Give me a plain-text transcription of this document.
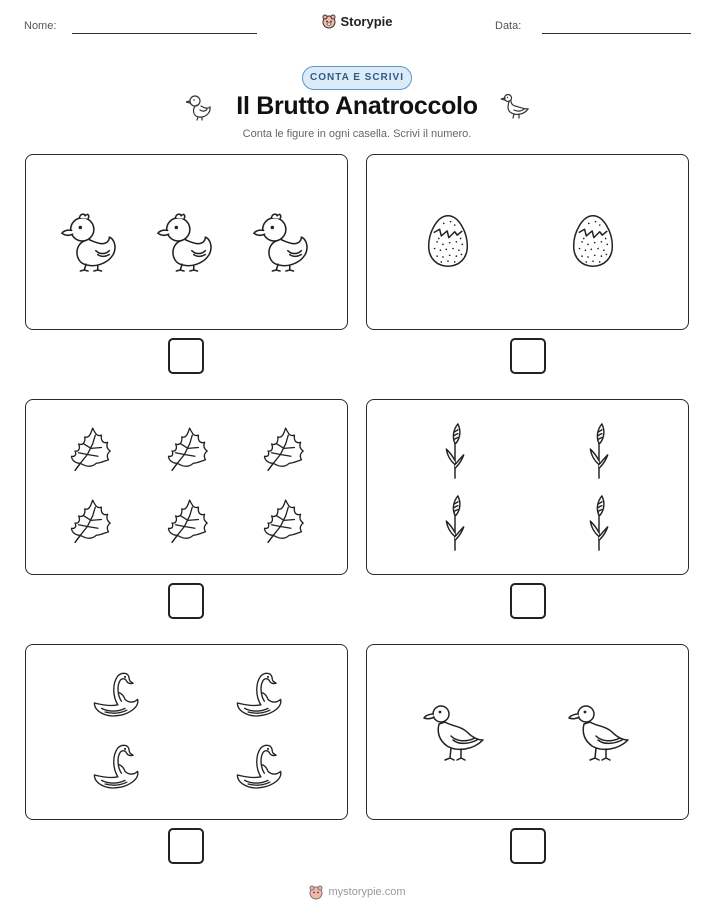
Nome:	Storypie	Data:
CONTA E SCRIVI
Il Brutto Anatroccolo
Conta le figure in ogni casella. Scrivi il numero.
mystorypie.com
